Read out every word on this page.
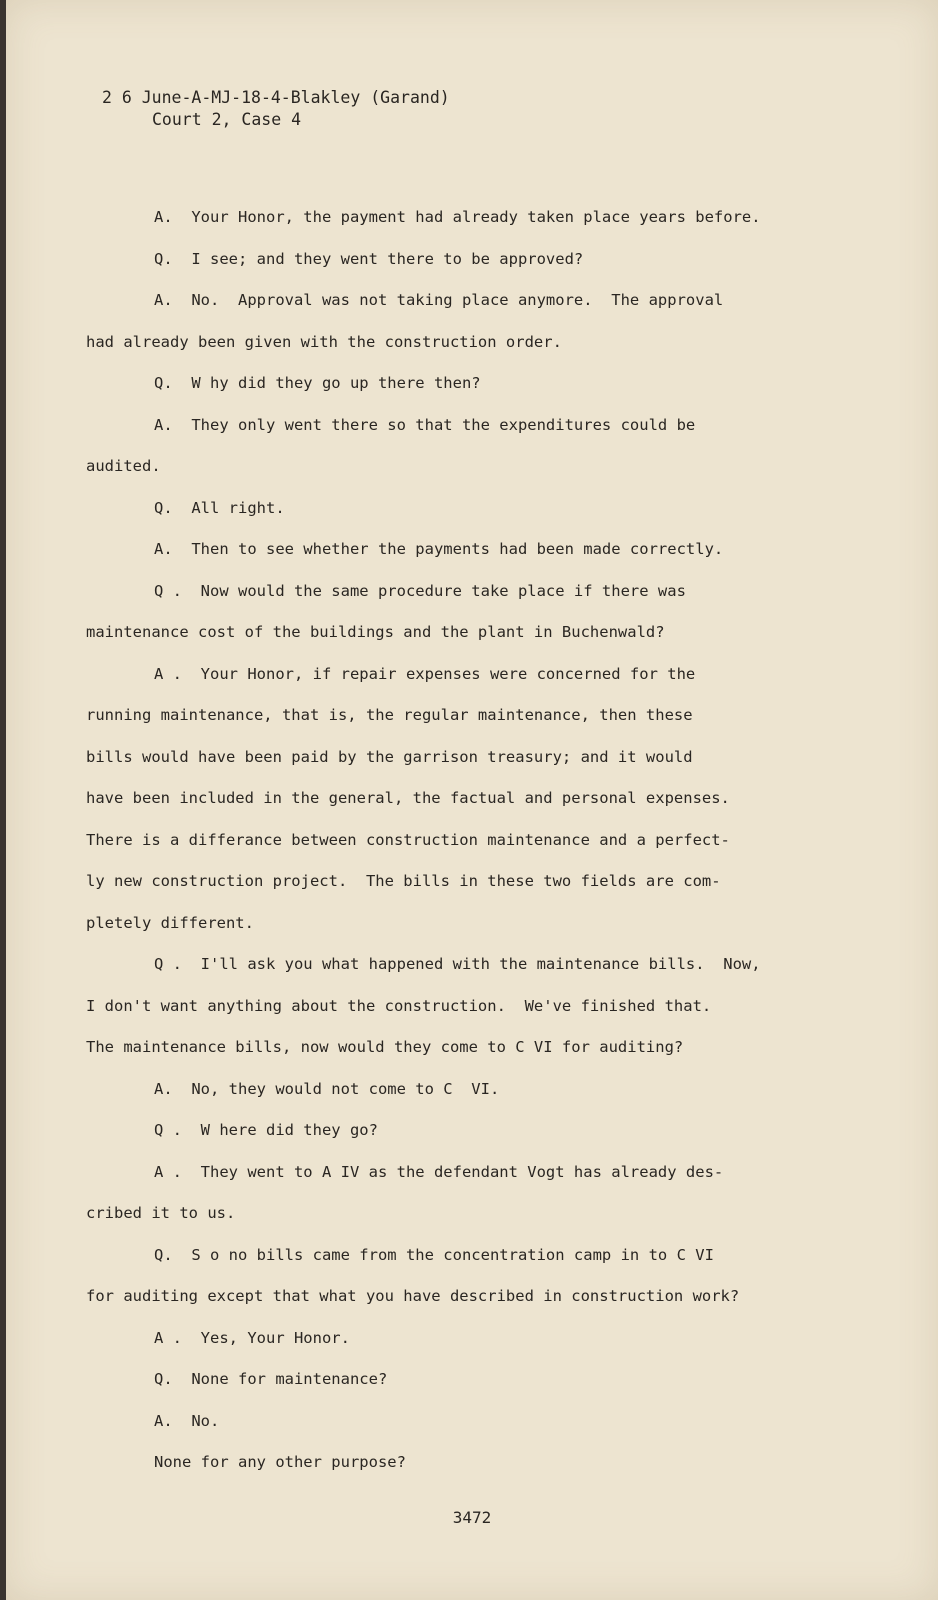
2 6 June-A-MJ-18-4-Blakley (Garand)
Court 2, Case 4
A.  Your Honor, the payment had already taken place years before.
Q.  I see; and they went there to be approved?
A.  No.  Approval was not taking place anymore.  The approval
had already been given with the construction order.
Q.  W hy did they go up there then?
A.  They only went there so that the expenditures could be
audited.
Q.  All right.
A.  Then to see whether the payments had been made correctly.
Q .  Now would the same procedure take place if there was
maintenance cost of the buildings and the plant in Buchenwald?
A .  Your Honor, if repair expenses were concerned for the
running maintenance, that is, the regular maintenance, then these
bills would have been paid by the garrison treasury; and it would
have been included in the general, the factual and personal expenses.
There is a differance between construction maintenance and a perfect-
ly new construction project.  The bills in these two fields are com-
pletely different.
Q .  I'll ask you what happened with the maintenance bills.  Now,
I don't want anything about the construction.  We've finished that.
The maintenance bills, now would they come to C VI for auditing?
A.  No, they would not come to C  VI.
Q .  W here did they go?
A .  They went to A IV as the defendant Vogt has already des-
cribed it to us.
Q.  S o no bills came from the concentration camp in to C VI
for auditing except that what you have described in construction work?
A .  Yes, Your Honor.
Q.  None for maintenance?
A.  No.
None for any other purpose?
3472
